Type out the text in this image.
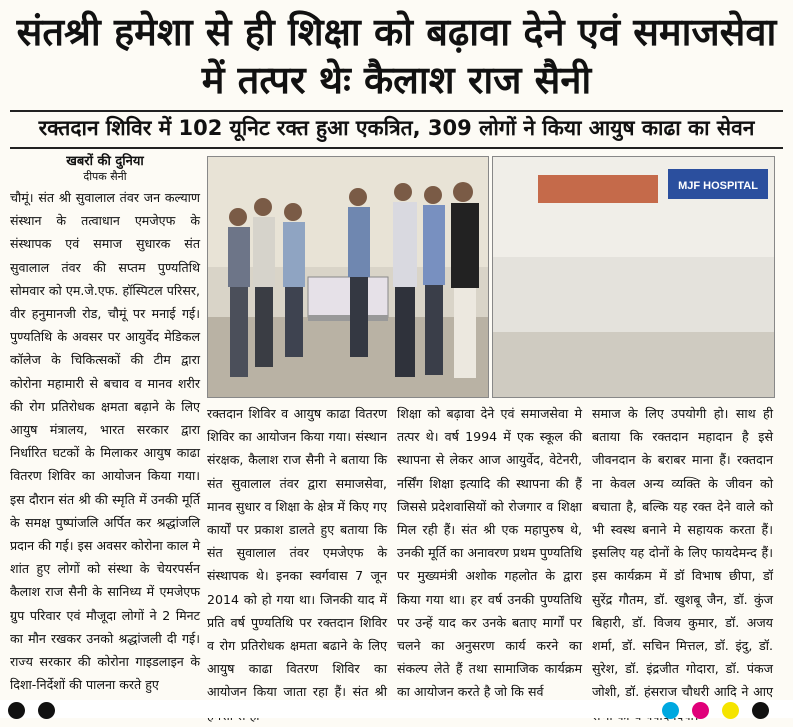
संतश्री हमेशा से ही शिक्षा को बढ़ावा देने एवं समाजसेवा
में तत्पर थेः कैलाश राज सैनी
रक्तदान शिविर में 102 यूनिट रक्त हुआ एकत्रित, 309 लोगों ने किया आयुष काढा का सेवन
खबरों की दुनिया
दीपक सैनी

चौमूं। संत श्री सुवालाल तंवर जन कल्याण संस्थान के तत्वाधान एमजेएफ के संस्थापक एवं समाज सुधारक संत सुवालाल तंवर की सप्तम पुण्यतिथि सोमवार को एम.जे.एफ. हॉस्पिटल परिसर, वीर हनुमानजी रोड, चौमूं पर मनाई गई। पुण्यतिथि के अवसर पर आयुर्वेद मेडिकल कॉलेज के चिकित्सकों की टीम द्वारा कोरोना महामारी से बचाव व मानव शरीर की रोग प्रतिरोधक क्षमता बढ़ाने के लिए आयुष मंत्रालय, भारत सरकार द्वारा निर्धारित घटकों के मिलाकर आयुष काढा वितरण शिविर का आयोजन किया गया। इस दौरान संत श्री की स्मृति में उनकी मूर्ति के समक्ष पुष्पांजलि अर्पित कर श्रद्धांजलि प्रदान की गई। इस अवसर कोरोना काल मे शांत हुए लोगों को संस्था के चेयरपर्सन कैलाश राज सैनी के सानिध्य में एमजेएफ ग्रुप परिवार एवं मौजूदा लोगों ने 2 मिनट का मौन रखकर उनको श्रद्धांजली दी गई। राज्य सरकार की कोरोना गाइडलाइन के दिशा-निर्देशों की पालना करते हुए

MJF HOSPITAL

रक्तदान शिविर व आयुष काढा वितरण शिविर का आयोजन किया गया। संस्थान संरक्षक, कैलाश राज सैनी ने बताया कि संत सुवालाल तंवर द्वारा समाजसेवा, मानव सुधार व शिक्षा के क्षेत्र में किए गए कार्यों पर प्रकाश डालते हुए बताया कि संत सुवालाल तंवर एमजेएफ के संस्थापक थे। इनका स्वर्गवास 7 जून 2014 को हो गया था। जिनकी याद में प्रति वर्ष पुण्यतिथि पर रक्तदान शिविर व रोग प्रतिरोधक क्षमता बढाने के लिए आयुष काढा वितरण शिविर का आयोजन किया जाता रहा हैं। संत श्री

शिक्षा को बढ़ावा देने एवं समाजसेवा मे तत्पर थे। वर्ष 1994 में एक स्कूल की स्थापना से लेकर आज आयुर्वेद, वेटेनरी, नर्सिंग शिक्षा इत्यादि की स्थापना की हैं जिससे प्रदेशवासियों को रोजगार व शिक्षा मिल रही हैं। संत श्री एक महापुरुष थे, उनकी मूर्ति का अनावरण प्रथम पुण्यतिथि पर मुख्यमंत्री अशोक गहलोत के द्वारा किया गया था। हर वर्ष उनकी पुण्यतिथि पर उन्हें याद कर उनके बताए मार्गों पर चलने का अनुसरण कार्य करने का संकल्प लेते हैं तथा सामाजिक कार्यक्रम का आयोजन करते है जो कि सर्व

समाज के लिए उपयोगी हो। साथ ही बताया कि रक्तदान महादान है इसे जीवनदान के बराबर माना हैं। रक्तदान ना केवल अन्य व्यक्ति के जीवन को बचाता है, बल्कि यह रक्त देने वाले को भी स्वस्थ बनाने मे सहायक करता हैं। इसलिए यह दोनों के लिए फायदेमन्द हैं। इस कार्यक्रम में डॉ विभाष छीपा, डॉ सुरेंद्र गौतम, डॉ. खुशबू जैन, डॉ. कुंज बिहारी, डॉ. विजय कुमार, डॉ. अजय शर्मा, डॉ. सचिन मित्तल, डॉ. इंदु, डॉ. सुरेश, डॉ. इंद्रजीत गोदारा, डॉ. पंकज जोशी, डॉ. हंसराज चौधरी आदि ने आए
